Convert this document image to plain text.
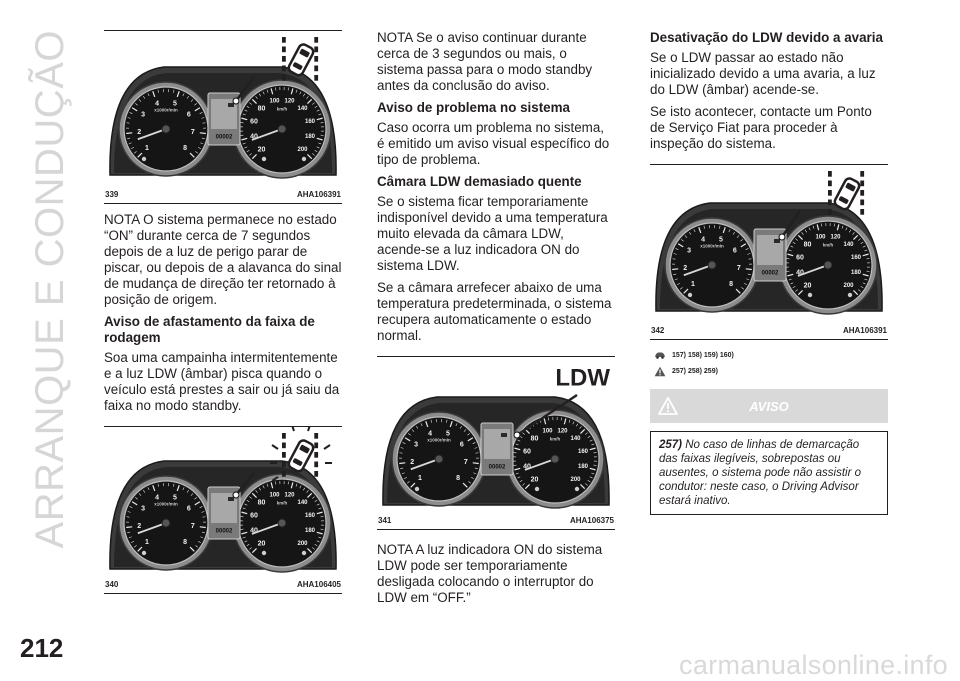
ARRANQUE E CONDUÇÃO	1
2
3
4 5
6
7
8
x1000r/min
20
40
60
80
100 120
140
160
180
200
km/h
00002
339	AHA106391

NOTA O sistema permanece no estado “ON” durante cerca de 7 segundos depois de a luz de perigo parar de piscar, ou depois de a alavanca do sinal de mudança de direção ter retornado à posição de origem.

Aviso de afastamento da faixa de rodagem

Soa uma campainha intermitentemente e a luz LDW (âmbar) pisca quando o veículo está prestes a sair ou já saiu da faixa no modo standby.

1
2
3
4 5
6
7
8
x1000r/min
20
40
60
80
100 120
140
160
180
200
km/h
00002
340	AHA106405

NOTA Se o aviso continuar durante cerca de 3 segundos ou mais, o sistema passa para o modo standby antes da conclusão do aviso.

Aviso de problema no sistema

Caso ocorra um problema no sistema, é emitido um aviso visual específico do tipo de problema.

Câmara LDW demasiado quente

Se o sistema ficar temporariamente indisponível devido a uma temperatura muito elevada da câmara LDW, acende-se a luz indicadora ON do sistema LDW.

Se a câmara arrefecer abaixo de uma temperatura predeterminada, o sistema recupera automaticamente o estado normal.

1
2
3
4 5
6
7
8
x1000r/min
20
40
60
80
100 120
140
160
180
200
km/h
00002
LDW
341	AHA106375

NOTA A luz indicadora ON do sistema LDW pode ser temporariamente desligada colocando o interruptor do LDW em “OFF.”

Desativação do LDW devido a avaria

Se o LDW passar ao estado não inicializado devido a uma avaria, a luz do LDW (âmbar) acende-se.

Se isto acontecer, contacte um Ponto de Serviço Fiat para proceder à inspeção do sistema.

1
2
3
4 5
6
7
8
x1000r/min
20
40
60
80
100 120
140
160
180
200
km/h
00002
342	AHA106391
157) 158) 159) 160)
257) 258) 259)
AVISO
257) No caso de linhas de demarcação das faixas ilegíveis, sobrepostas ou ausentes, o sistema pode não assistir o condutor: neste caso, o Driving Advisor estará inativo.
212
carmanualsonline.info
